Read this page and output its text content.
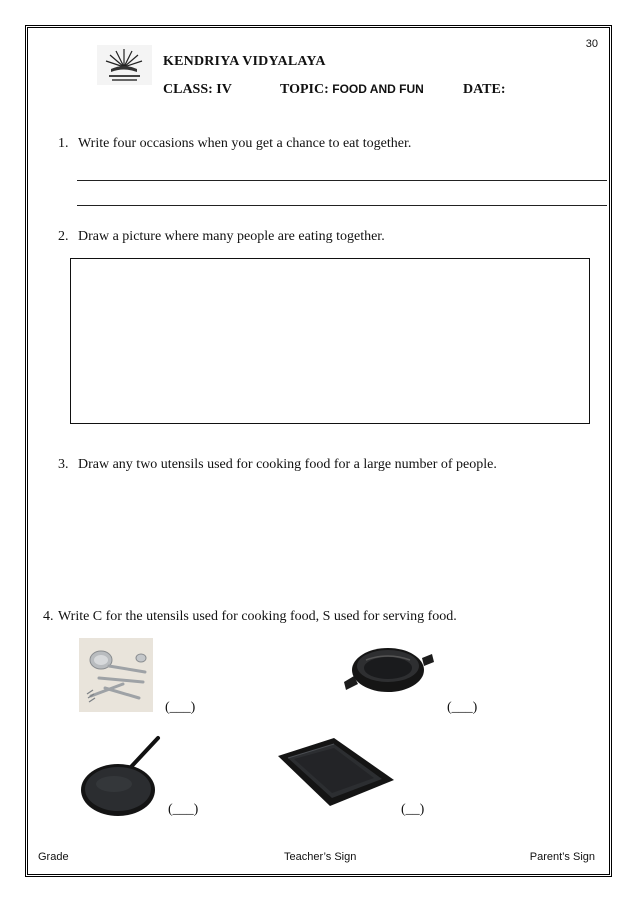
30
KENDRIYA VIDYALAYA
CLASS: IV	TOPIC: FOOD AND FUN	DATE:
1. Write four occasions when you get a chance to eat together.
2. Draw a picture where many people are eating together.
3. Draw any two utensils used for cooking food for a large number of people.
4. Write C for the utensils used for cooking food, S used for serving food.
(___)	(___)
(___)	(__)
Grade	Teacher’s Sign	Parent’s Sign
